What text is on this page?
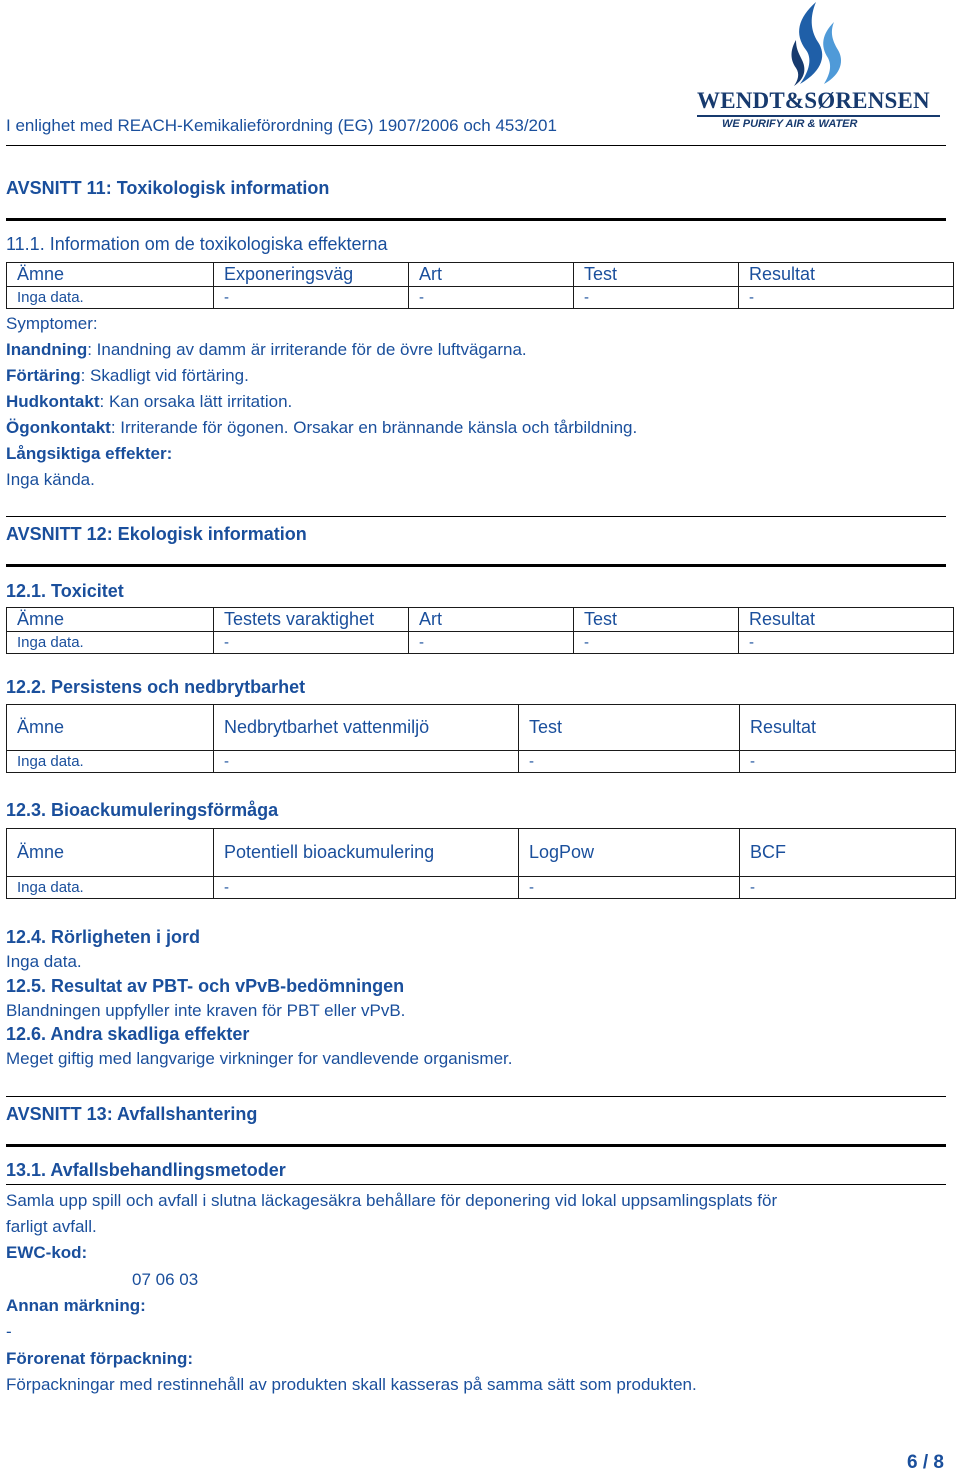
I enlighet med REACH-Kemikalieförordning (EG) 1907/2006 och 453/201
WENDT&SØRENSEN
WE PURIFY AIR & WATER
AVSNITT 11: Toxikologisk information
11.1. Information om de toxikologiska effekterna
Ämne	Exponeringsväg	Art	Test	Resultat
Inga data.	-	-	-	-
Symptomer:
Inandning: Inandning av damm är irriterande för de övre luftvägarna.
Förtäring: Skadligt vid förtäring.
Hudkontakt: Kan orsaka lätt irritation.
Ögonkontakt: Irriterande för ögonen. Orsakar en brännande känsla och tårbildning.
Långsiktiga effekter:
Inga kända.
AVSNITT 12: Ekologisk information
12.1. Toxicitet
Ämne	Testets varaktighet	Art	Test	Resultat
Inga data.	-	-	-	-
12.2. Persistens och nedbrytbarhet
Ämne	Nedbrytbarhet vattenmiljö	Test	Resultat
Inga data.	-	-	-
12.3. Bioackumuleringsförmåga
Ämne	Potentiell bioackumulering	LogPow	BCF
Inga data.	-	-	-
12.4. Rörligheten i jord
Inga data.
12.5. Resultat av PBT- och vPvB-bedömningen
Blandningen uppfyller inte kraven för PBT eller vPvB.
12.6. Andra skadliga effekter
Meget giftig med langvarige virkninger for vandlevende organismer.
AVSNITT 13: Avfallshantering
13.1. Avfallsbehandlingsmetoder
Samla upp spill och avfall i slutna läckagesäkra behållare för deponering vid lokal uppsamlingsplats för
farligt avfall.
EWC-kod:
07 06 03
Annan märkning:
-
Förorenat förpackning:
Förpackningar med restinnehåll av produkten skall kasseras på samma sätt som produkten.
6 / 8
